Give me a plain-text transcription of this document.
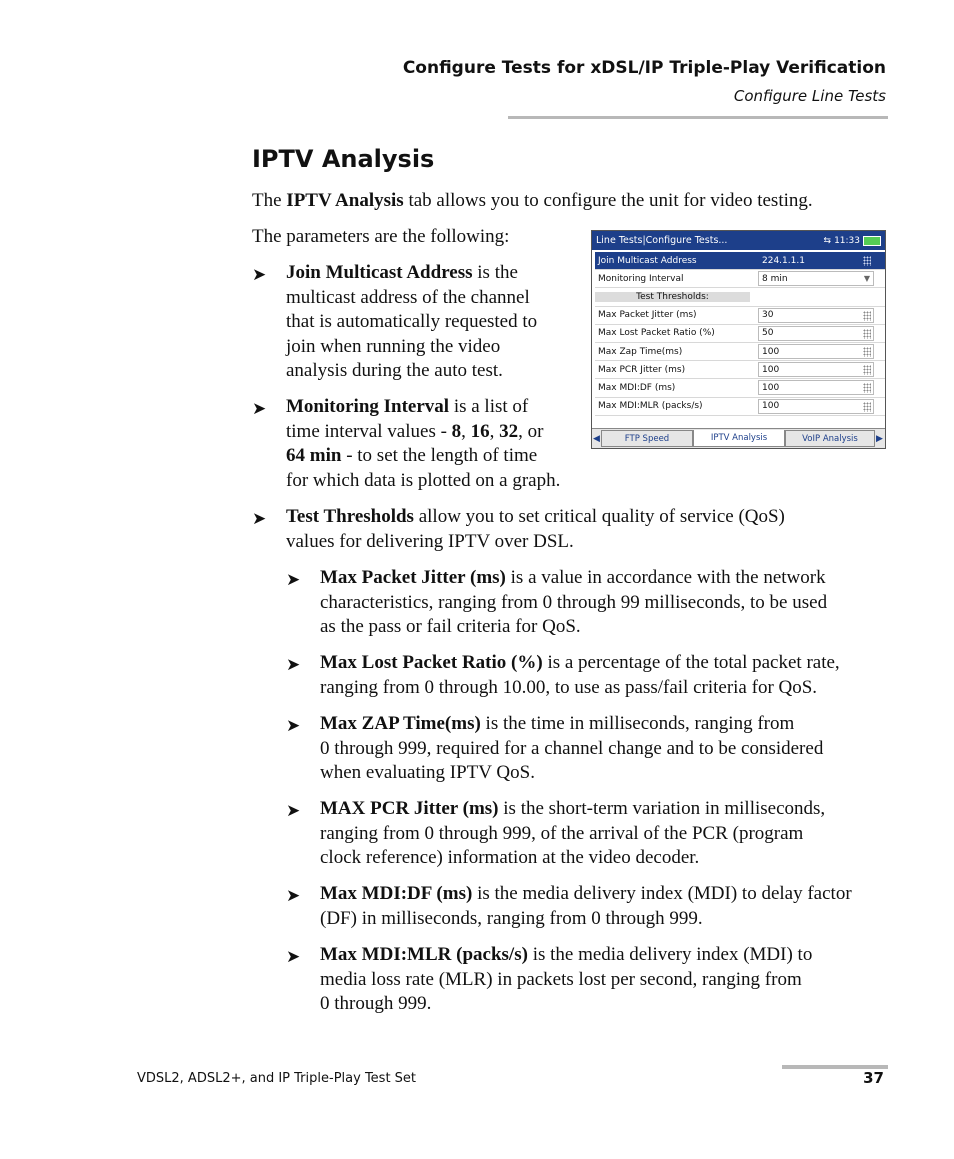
Configure Tests for xDSL/IP Triple-Play Verification
Configure Line Tests
IPTV Analysis
The IPTV Analysis tab allows you to configure the unit for video testing.
The parameters are the following:
➤ Join Multicast Address is the
multicast address of the channel
that is automatically requested to
join when running the video
analysis during the auto test.
➤ Monitoring Interval is a list of
time interval values - 8, 16, 32, or
64 min - to set the length of time
for which data is plotted on a graph.
Line Tests|Configure Tests...	⇆ 11:33
Join Multicast Address	224.1.1.1
Monitoring Interval	8 min	▼
Test Thresholds:
Max Packet Jitter (ms)	30
Max Lost Packet Ratio (%)	50
Max Zap Time(ms)	100
Max PCR Jitter (ms)	100
Max MDI:DF (ms)	100
Max MDI:MLR (packs/s)	100
◀	FTP Speed	IPTV Analysis	VoIP Analysis	▶
➤ Test Thresholds allow you to set critical quality of service (QoS)
values for delivering IPTV over DSL.
➤ Max Packet Jitter (ms) is a value in accordance with the network
characteristics, ranging from 0 through 99 milliseconds, to be used
as the pass or fail criteria for QoS.
➤ Max Lost Packet Ratio (%) is a percentage of the total packet rate,
ranging from 0 through 10.00, to use as pass/fail criteria for QoS.
➤ Max ZAP Time(ms) is the time in milliseconds, ranging from
0 through 999, required for a channel change and to be considered
when evaluating IPTV QoS.
➤ MAX PCR Jitter (ms) is the short-term variation in milliseconds,
ranging from 0 through 999, of the arrival of the PCR (program
clock reference) information at the video decoder.
➤ Max MDI:DF (ms) is the media delivery index (MDI) to delay factor
(DF) in milliseconds, ranging from 0 through 999.
➤ Max MDI:MLR (packs/s) is the media delivery index (MDI) to
media loss rate (MLR) in packets lost per second, ranging from
0 through 999.
VDSL2, ADSL2+, and IP Triple-Play Test Set	37
